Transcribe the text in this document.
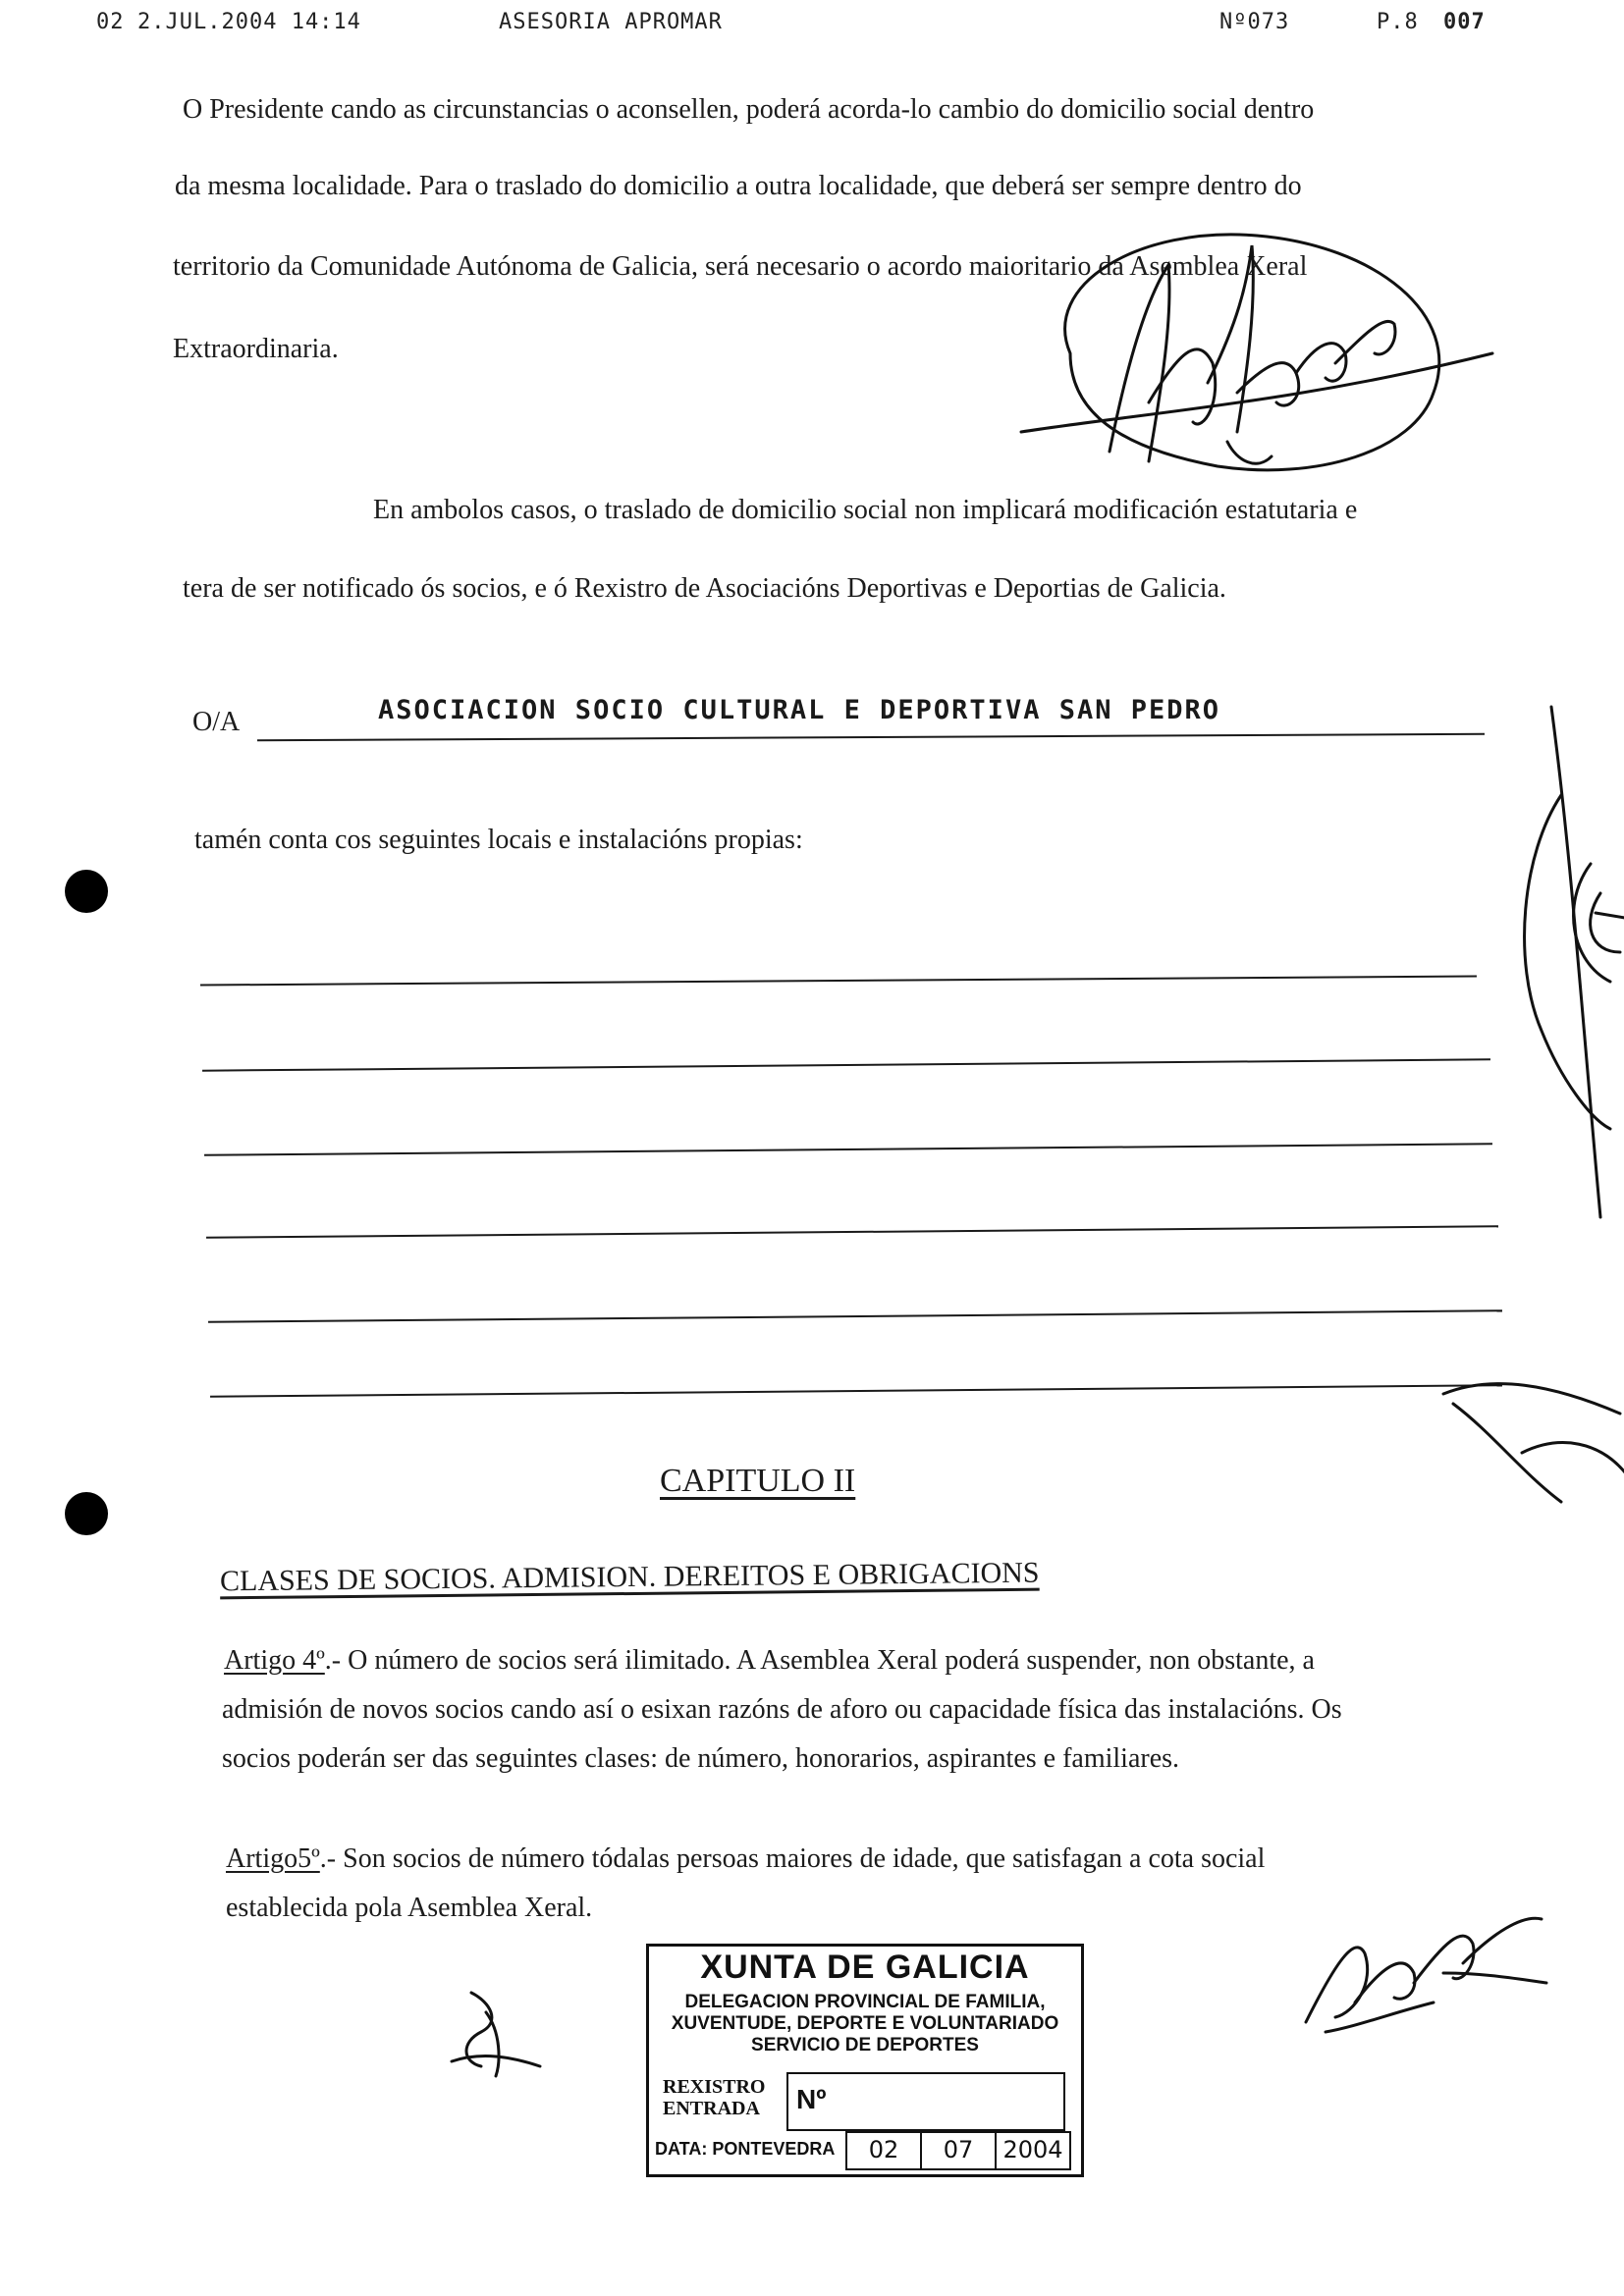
02 2.JUL.2004 14:14	ASESORIA APROMAR	Nº073	P.8 007
O Presidente cando as circunstancias o aconsellen, poderá acorda-lo cambio do domicilio social dentro
da mesma localidade. Para o traslado do domicilio a outra localidade, que deberá ser sempre dentro do
territorio da Comunidade Autónoma de Galicia, será necesario o acordo maioritario da Asemblea Xeral
Extraordinaria.
En ambolos casos, o traslado de domicilio social non implicará modificación estatutaria e
tera de ser notificado ós socios, e ó Rexistro de Asociacións Deportivas e Deportias de Galicia.
O/A	ASOCIACION SOCIO CULTURAL E DEPORTIVA SAN PEDRO
tamén conta cos seguintes locais e instalacións propias:
CAPITULO II
CLASES DE SOCIOS. ADMISION. DEREITOS E OBRIGACIONS
Artigo 4º.- O número de socios será ilimitado. A Asemblea Xeral poderá suspender, non obstante, a
admisión de novos socios cando así o esixan razóns de aforo ou capacidade física das instalacións. Os
socios poderán ser das seguintes clases: de número, honorarios, aspirantes e familiares.
Artigo5º.- Son socios de número tódalas persoas maiores de idade, que satisfagan a cota social
establecida pola Asemblea Xeral.
XUNTA DE GALICIA
DELEGACION PROVINCIAL DE FAMILIA,
XUVENTUDE, DEPORTE E VOLUNTARIADO
SERVICIO DE DEPORTES
REXISTRO
ENTRADA Nº
DATA: PONTEVEDRA	02	07	2004
